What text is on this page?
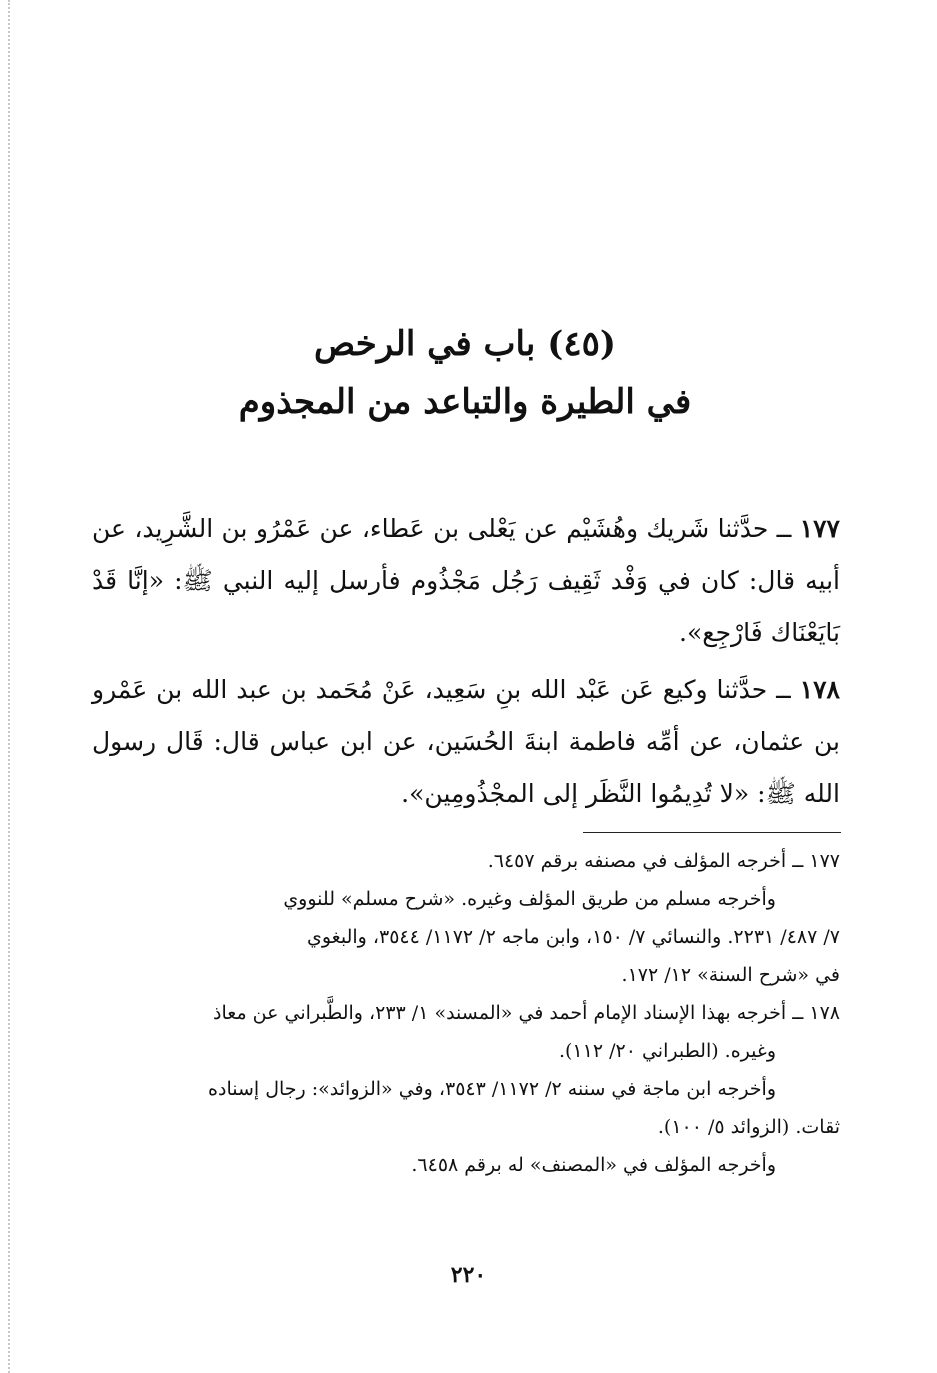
(٤٥) باب في الرخص
في الطيرة والتباعد من المجذوم
١٧٧ ــ حدَّثنا شَريك وهُشَيْم عن يَعْلى بن عَطاء، عن عَمْرُو بن الشَّرِيد، عن أبيه قال: كان في وَفْد ثَقِيف رَجُل مَجْذُوم فأرسل إليه النبي ﷺ: «إنَّا قَدْ بَايَعْنَاك فَارْجِع».
١٧٨ ــ حدَّثنا وكيع عَن عَبْد الله بنِ سَعِيد، عَنْ مُحَمد بن عبد الله بن عَمْرو بن عثمان، عن أمِّه فاطمة ابنةَ الحُسَين، عن ابن عباس قال: قَال رسول الله ﷺ: «لا تُدِيمُوا النَّظَر إلى المجْذُومِين».
١٧٧ ــ أخرجه المؤلف في مصنفه برقم ٦٤٥٧.
وأخرجه مسلم من طريق المؤلف وغيره. «شرح مسلم» للنووي
٧/ ٤٨٧/ ٢٢٣١. والنسائي ٧/ ١٥٠، وابن ماجه ٢/ ١١٧٢/ ٣٥٤٤، والبغوي
في «شرح السنة» ١٢/ ١٧٢.
١٧٨ ــ أخرجه بهذا الإسناد الإمام أحمد في «المسند» ١/ ٢٣٣، والطَّبراني عن معاذ
وغيره. (الطبراني ٢٠/ ١١٢).
وأخرجه ابن ماجة في سننه ٢/ ١١٧٢/ ٣٥٤٣، وفي «الزوائد»: رجال إسناده
ثقات. (الزوائد ٥/ ١٠٠).
وأخرجه المؤلف في «المصنف» له برقم ٦٤٥٨.
٢٢٠
